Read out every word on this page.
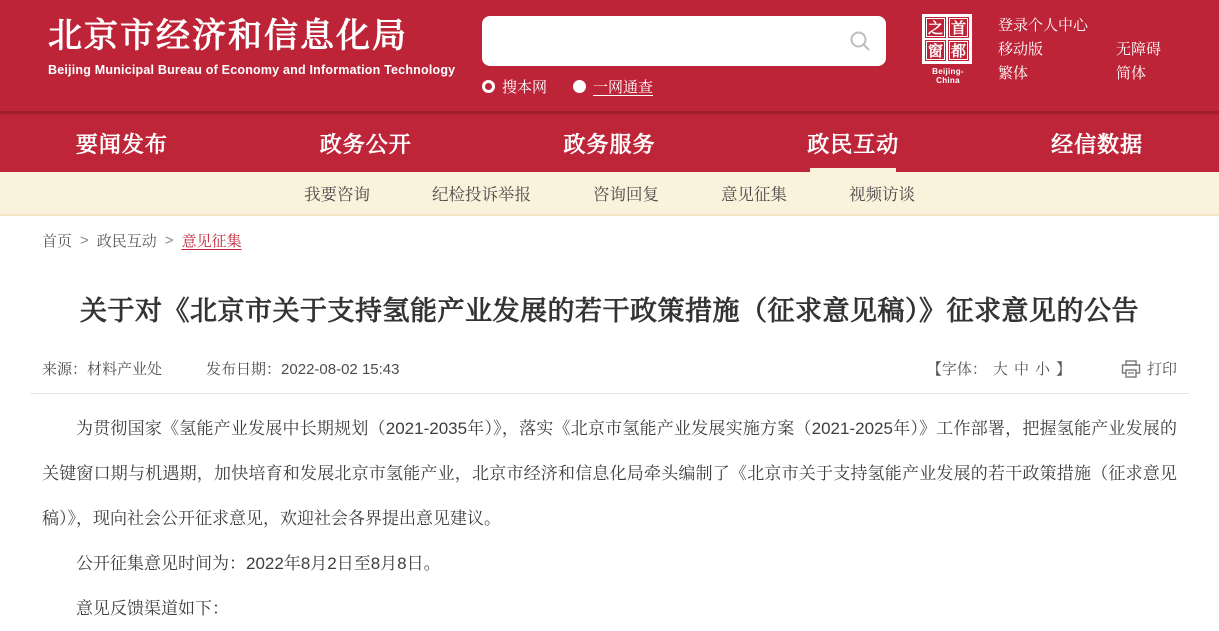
北京市经济和信息化局
Beijing Municipal Bureau of Economy and Information Technology
搜本网	一网通查
之 首
窗 都
Beijing-China
登录个人中心
移动版	无障碍
繁体	简体
要闻发布	政务公开	政务服务	政民互动	经信数据
我要咨询	纪检投诉举报	咨询回复	意见征集	视频访谈
首页 > 政民互动 > 意见征集
关于对《北京市关于支持氢能产业发展的若干政策措施（征求意见稿）》征求意见的公告
来源：材料产业处	发布日期：2022-08-02 15:43	【字体： 大 中 小 】	打印

为贯彻国家《氢能产业发展中长期规划（2021-2035年）》，落实《北京市氢能产业发展实施方案（2021-2025年）》工作部署，把握氢能产业发展的关键窗口期与机遇期，加快培育和发展北京市氢能产业，北京市经济和信息化局牵头编制了《北京市关于支持氢能产业发展的若干政策措施（征求意见稿）》，现向社会公开征求意见，欢迎社会各界提出意见建议。

公开征集意见时间为：2022年8月2日至8月8日。

意见反馈渠道如下：
